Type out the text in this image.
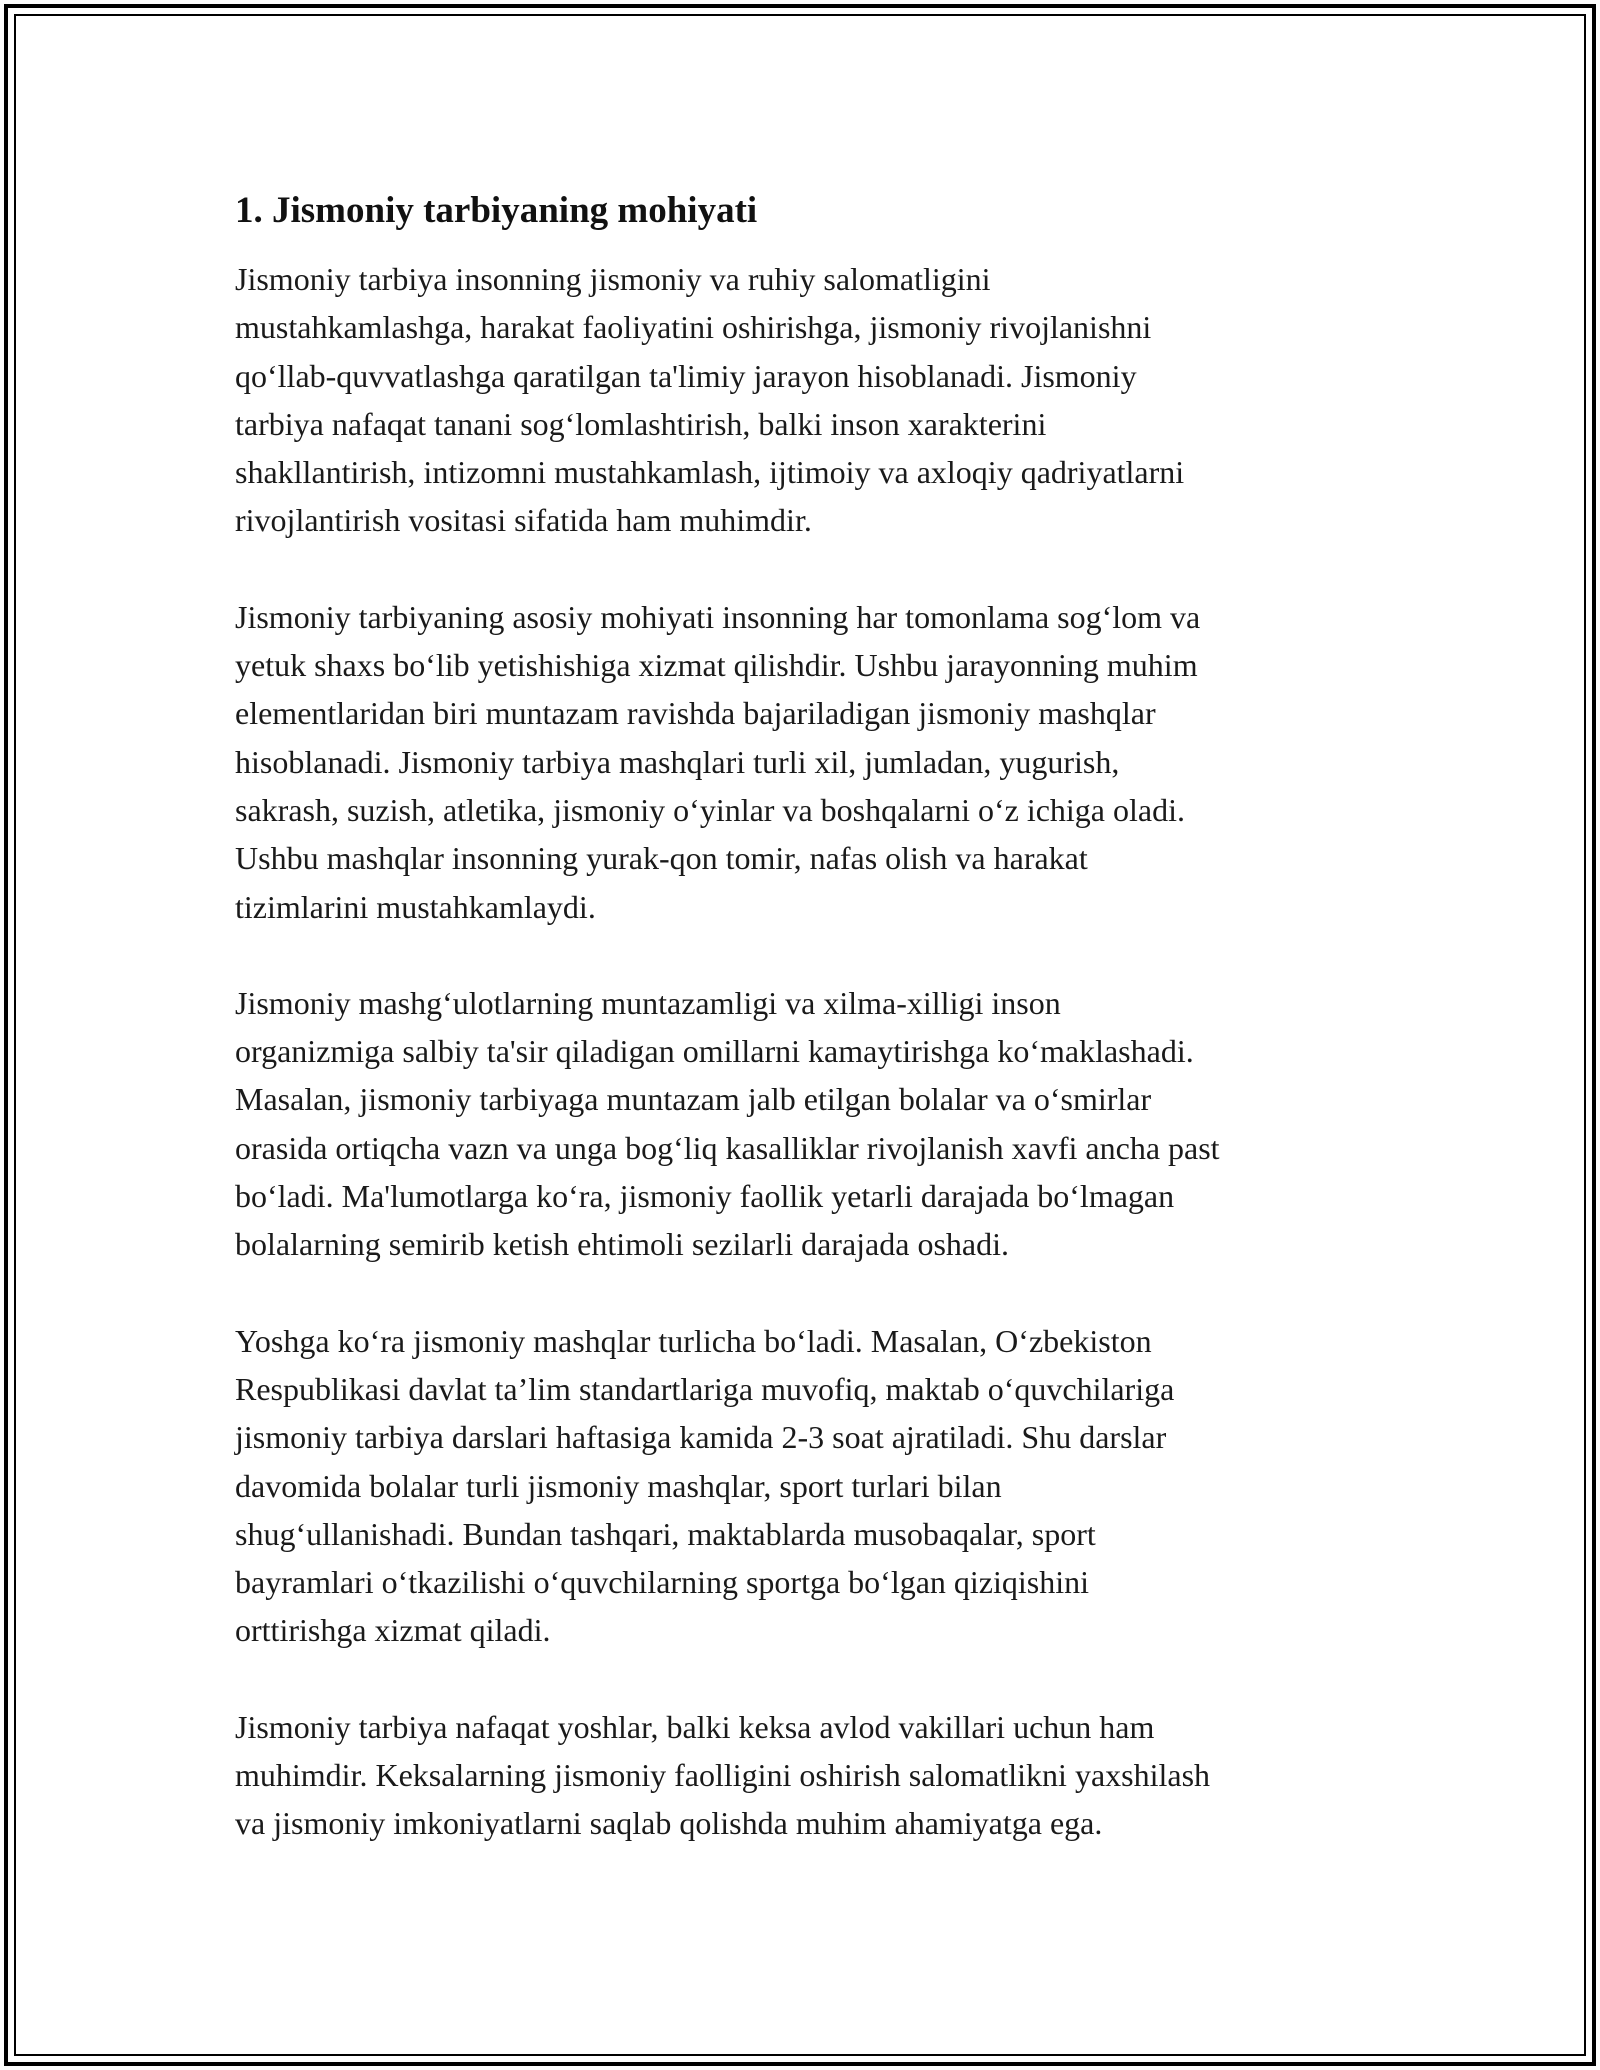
1. Jismoniy tarbiyaning mohiyati
Jismoniy tarbiya insonning jismoniy va ruhiy salomatligini
mustahkamlashga, harakat faoliyatini oshirishga, jismoniy rivojlanishni
qo‘llab-quvvatlashga qaratilgan ta'limiy jarayon hisoblanadi. Jismoniy
tarbiya nafaqat tanani sog‘lomlashtirish, balki inson xarakterini
shakllantirish, intizomni mustahkamlash, ijtimoiy va axloqiy qadriyatlarni
rivojlantirish vositasi sifatida ham muhimdir.
Jismoniy tarbiyaning asosiy mohiyati insonning har tomonlama sog‘lom va
yetuk shaxs bo‘lib yetishishiga xizmat qilishdir. Ushbu jarayonning muhim
elementlaridan biri muntazam ravishda bajariladigan jismoniy mashqlar
hisoblanadi. Jismoniy tarbiya mashqlari turli xil, jumladan, yugurish,
sakrash, suzish, atletika, jismoniy o‘yinlar va boshqalarni o‘z ichiga oladi.
Ushbu mashqlar insonning yurak-qon tomir, nafas olish va harakat
tizimlarini mustahkamlaydi.
Jismoniy mashg‘ulotlarning muntazamligi va xilma-xilligi inson
organizmiga salbiy ta'sir qiladigan omillarni kamaytirishga ko‘maklashadi.
Masalan, jismoniy tarbiyaga muntazam jalb etilgan bolalar va o‘smirlar
orasida ortiqcha vazn va unga bog‘liq kasalliklar rivojlanish xavfi ancha past
bo‘ladi. Ma'lumotlarga ko‘ra, jismoniy faollik yetarli darajada bo‘lmagan
bolalarning semirib ketish ehtimoli sezilarli darajada oshadi.
Yoshga ko‘ra jismoniy mashqlar turlicha bo‘ladi. Masalan, O‘zbekiston
Respublikasi davlat ta’lim standartlariga muvofiq, maktab o‘quvchilariga
jismoniy tarbiya darslari haftasiga kamida 2-3 soat ajratiladi. Shu darslar
davomida bolalar turli jismoniy mashqlar, sport turlari bilan
shug‘ullanishadi. Bundan tashqari, maktablarda musobaqalar, sport
bayramlari o‘tkazilishi o‘quvchilarning sportga bo‘lgan qiziqishini
orttirishga xizmat qiladi.
Jismoniy tarbiya nafaqat yoshlar, balki keksa avlod vakillari uchun ham
muhimdir. Keksalarning jismoniy faolligini oshirish salomatlikni yaxshilash
va jismoniy imkoniyatlarni saqlab qolishda muhim ahamiyatga ega.
